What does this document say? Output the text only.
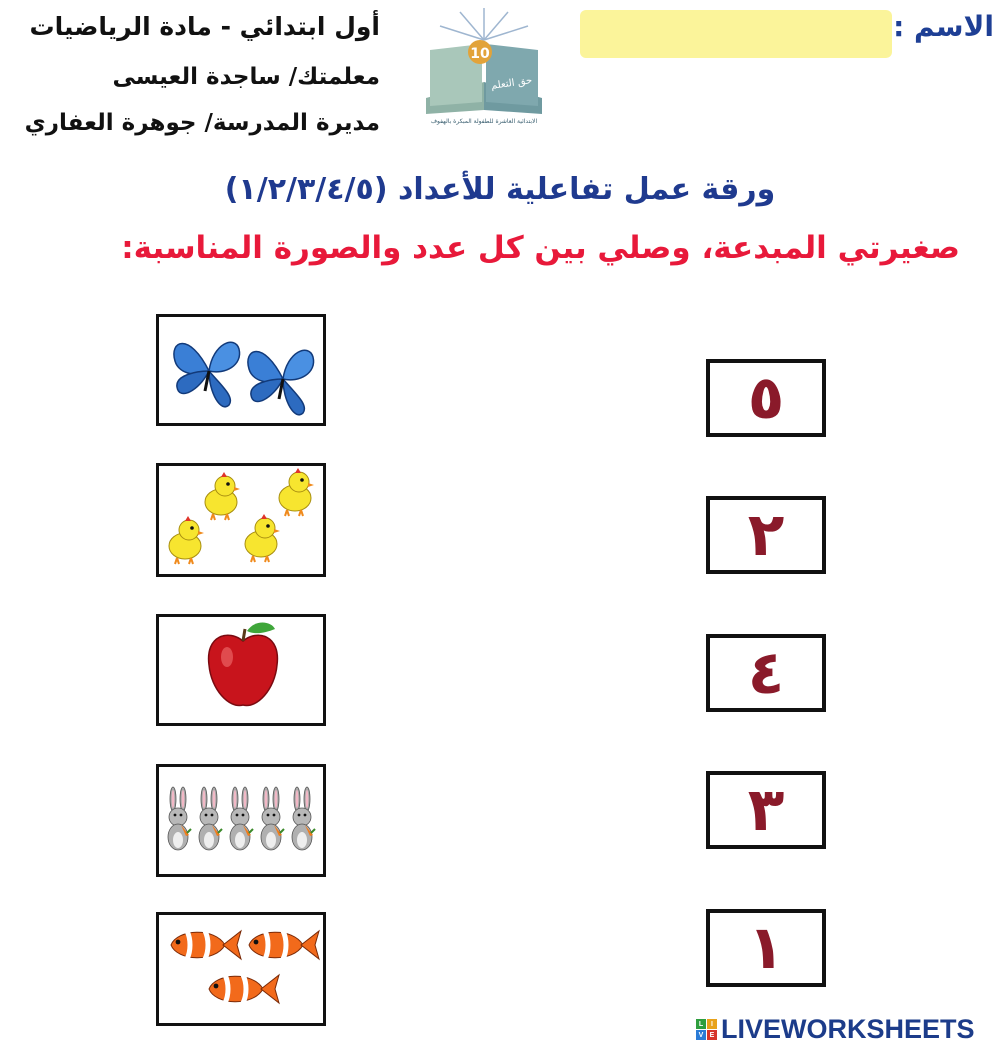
الاسم :
أول ابتدائي - مادة الرياضيات
معلمتك/ ساجدة العيسى
مديرة المدرسة/ جوهرة العفاري
10
حق التعلم
الابتدائية العاشرة للطفولة المبكرة بالهفوف
ورقة عمل تفاعلية للأعداد (١/٢/٣/٤/٥)
صغيرتي المبدعة، وصلي بين كل عدد والصورة المناسبة:
٥
٢
٤
٣
١
L	I
V E LIVEWORKSHEETS
